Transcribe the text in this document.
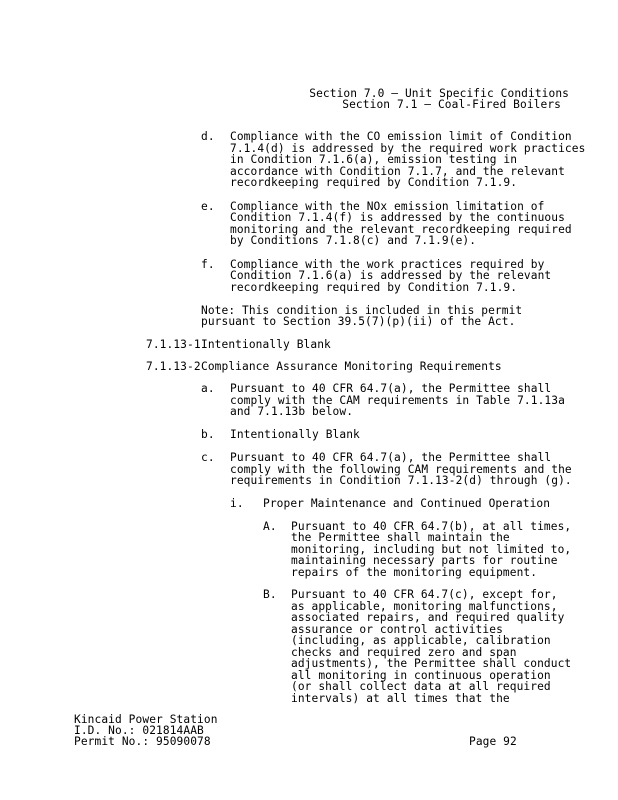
Section 7.0 – Unit Specific Conditions
Section 7.1 – Coal-Fired Boilers
d. Compliance with the CO emission limit of Condition
7.1.4(d) is addressed by the required work practices
in Condition 7.1.6(a), emission testing in
accordance with Condition 7.1.7, and the relevant
recordkeeping required by Condition 7.1.9.
e. Compliance with the NOx emission limitation of
Condition 7.1.4(f) is addressed by the continuous
monitoring and the relevant recordkeeping required
by Conditions 7.1.8(c) and 7.1.9(e).
f. Compliance with the work practices required by
Condition 7.1.6(a) is addressed by the relevant
recordkeeping required by Condition 7.1.9.
Note: This condition is included in this permit
pursuant to Section 39.5(7)(p)(ii) of the Act.
7.1.13-1 Intentionally Blank
7.1.13-2 Compliance Assurance Monitoring Requirements
a. Pursuant to 40 CFR 64.7(a), the Permittee shall
comply with the CAM requirements in Table 7.1.13a
and 7.1.13b below.
b. Intentionally Blank
c. Pursuant to 40 CFR 64.7(a), the Permittee shall
comply with the following CAM requirements and the
requirements in Condition 7.1.13-2(d) through (g).
i. Proper Maintenance and Continued Operation
A. Pursuant to 40 CFR 64.7(b), at all times,
the Permittee shall maintain the
monitoring, including but not limited to,
maintaining necessary parts for routine
repairs of the monitoring equipment.
B. Pursuant to 40 CFR 64.7(c), except for,
as applicable, monitoring malfunctions,
associated repairs, and required quality
assurance or control activities
(including, as applicable, calibration
checks and required zero and span
adjustments), the Permittee shall conduct
all monitoring in continuous operation
(or shall collect data at all required
intervals) at all times that the
Kincaid Power Station
I.D. No.: 021814AAB
Permit No.: 95090078	Page 92
